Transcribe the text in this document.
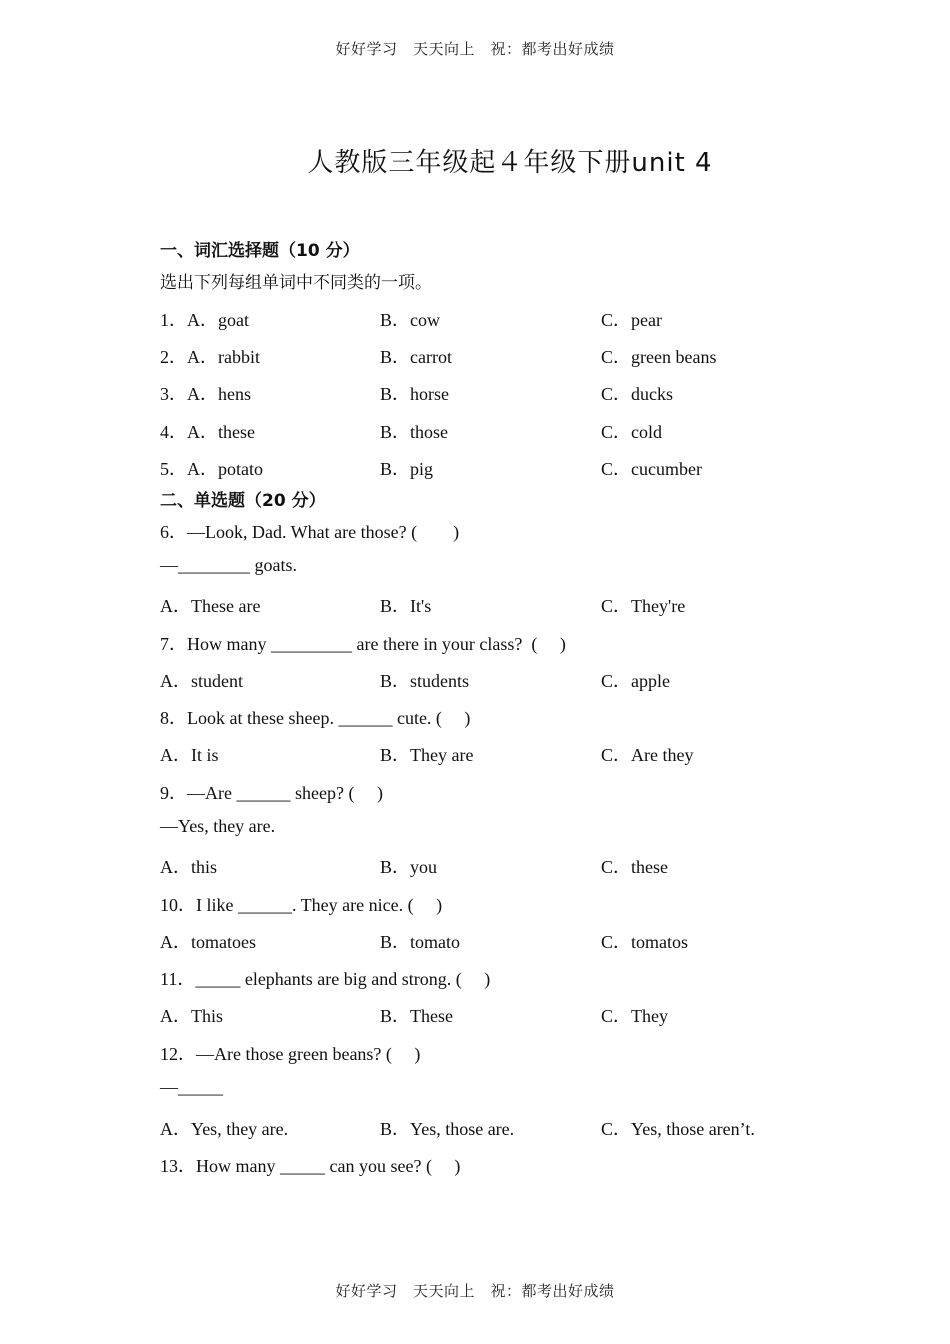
好好学习　天天向上　祝：都考出好成绩
人教版三年级起４年级下册unit 4
一、词汇选择题（10 分）
选出下列每组单词中不同类的一项。
1．A．goat	B．cow	C．pear
2．A．rabbit	B．carrot	C．green beans
3．A．hens	B．horse	C．ducks
4．A．these	B．those	C．cold
5．A．potato	B．pig	C．cucumber
二、单选题（20 分）
6．—Look, Dad. What are those? (　　)
—________ goats.
A．These are	B．It's	C．They're
7．How many _________ are there in your class?  (　 )
A．student	B．students	C．apple
8．Look at these sheep. ______ cute. (　 )
A．It is	B．They are	C．Are they
9．—Are ______ sheep? (　 )
—Yes, they are.
A．this	B．you	C．these
10．I like ______. They are nice. (　 )
A．tomatoes	B．tomato	C．tomatos
11．_____ elephants are big and strong. (　 )
A．This	B．These	C．They
12．—Are those green beans? (　 )
—_____
A．Yes, they are.	B．Yes, those are.	C．Yes, those aren’t.
13．How many _____ can you see? (　 )
好好学习　天天向上　祝：都考出好成绩
